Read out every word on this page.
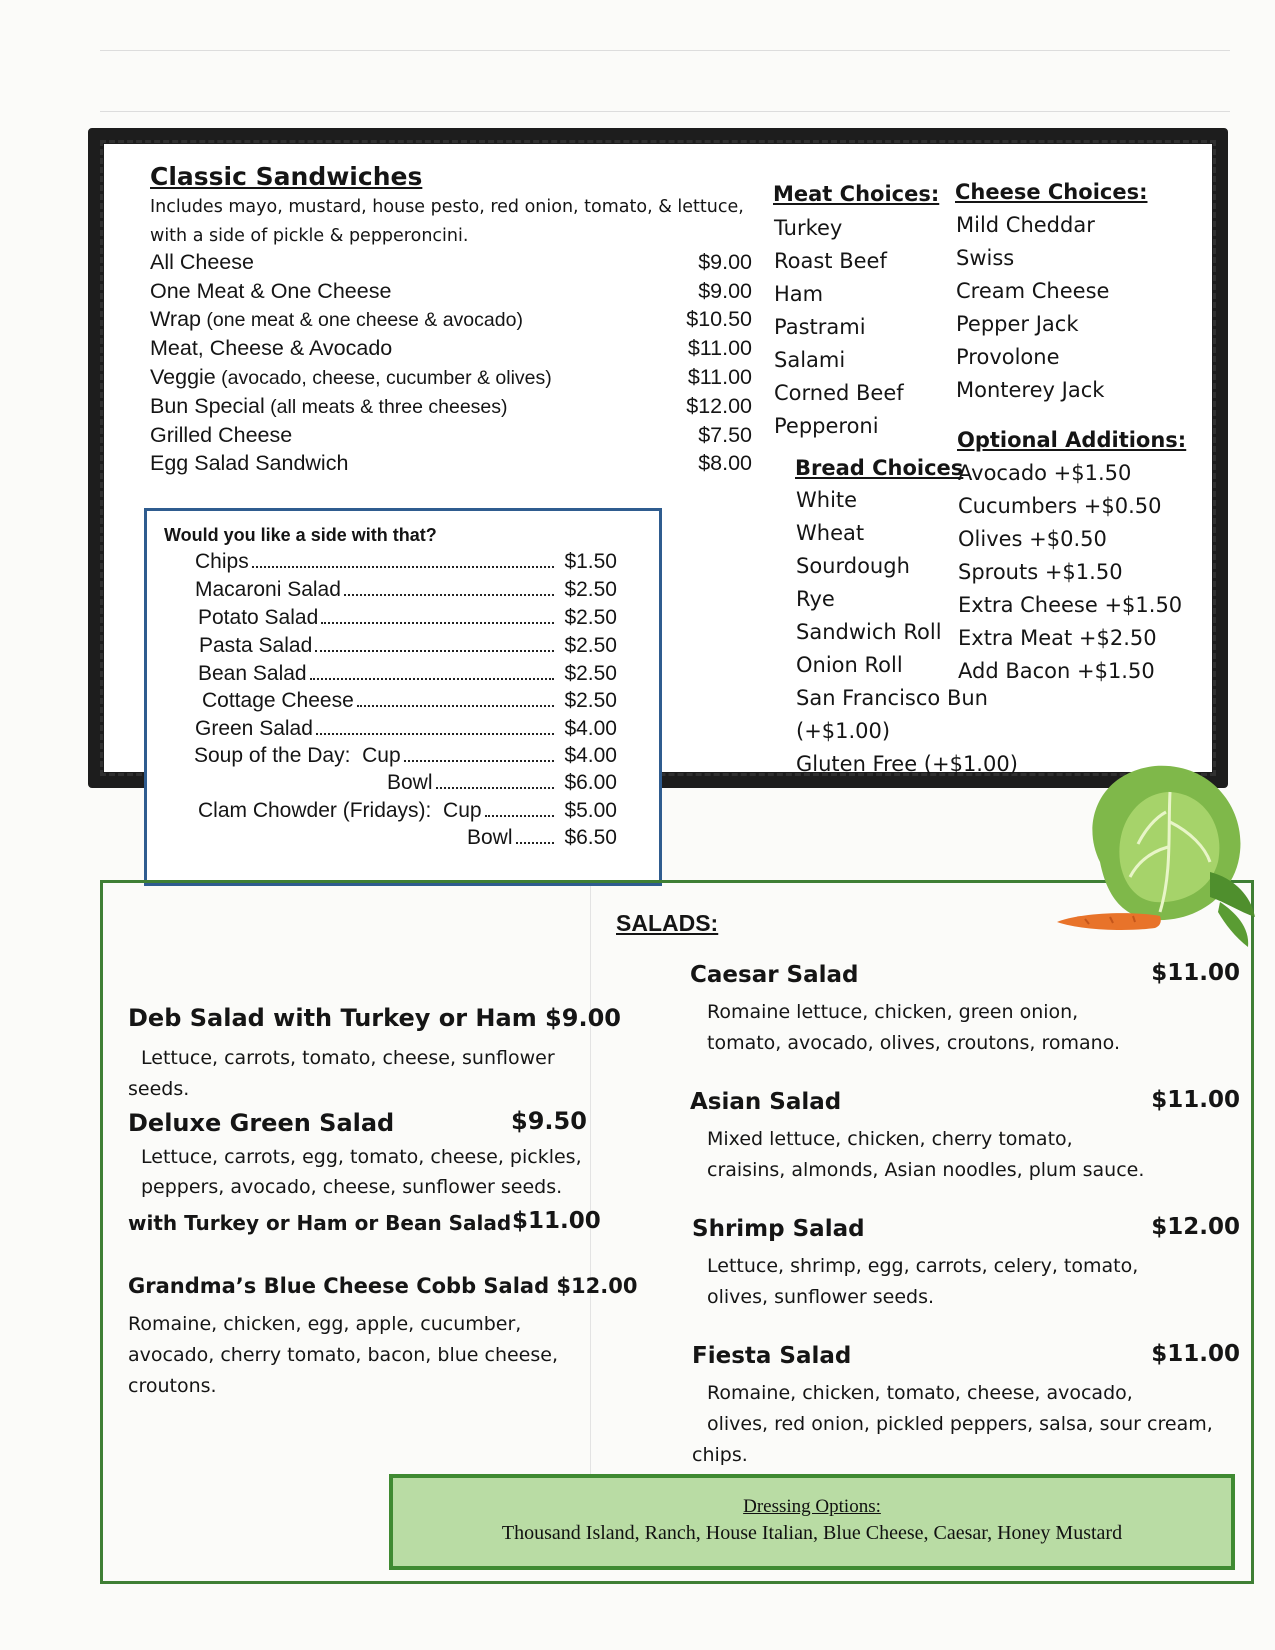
Classic Sandwiches
Includes mayo, mustard, house pesto, red onion, tomato, & lettuce,
with a side of pickle & pepperoncini.
All Cheese	$9.00
One Meat & One Cheese	$9.00
Wrap (one meat & one cheese & avocado)	$10.50
Meat, Cheese & Avocado	$11.00
Veggie (avocado, cheese, cucumber & olives)	$11.00
Bun Special (all meats & three cheeses)	$12.00
Grilled Cheese	$7.50
Egg Salad Sandwich	$8.00
Meat Choices:
Turkey
Roast Beef
Ham
Pastrami
Salami
Corned Beef
Pepperoni
Cheese Choices:
Mild Cheddar
Swiss
Cream Cheese
Pepper Jack
Provolone
Monterey Jack
Bread Choices
White
Wheat
Sourdough
Rye
Sandwich Roll
Onion Roll
San Francisco Bun
(+$1.00)
Gluten Free (+$1.00)
Optional Additions:
Avocado +$1.50
Cucumbers +$0.50
Olives +$0.50
Sprouts +$1.50
Extra Cheese +$1.50
Extra Meat +$2.50
Add Bacon +$1.50
Would you like a side with that?
Chips	$1.50
Macaroni Salad	$2.50
Potato Salad	$2.50
Pasta Salad	$2.50
Bean Salad	$2.50
Cottage Cheese	$2.50
Green Salad	$4.00
Soup of the Day:  Cup	$4.00
Bowl	$6.00
Clam Chowder (Fridays):  Cup	$5.00
Bowl	$6.50
SALADS:
Deb Salad with Turkey or Ham $9.00
Lettuce, carrots, tomato, cheese, sunflower
seeds.
Deluxe Green Salad	$9.50
Lettuce, carrots, egg, tomato, cheese, pickles,
peppers, avocado, cheese, sunflower seeds.
with Turkey or Ham or Bean Salad $11.00
Grandma’s Blue Cheese Cobb Salad $12.00
Romaine, chicken, egg, apple, cucumber,
avocado, cherry tomato, bacon, blue cheese,
croutons.
Caesar Salad	$11.00
Romaine lettuce, chicken, green onion,
tomato, avocado, olives, croutons, romano.
Asian Salad	$11.00
Mixed lettuce, chicken, cherry tomato,
craisins, almonds, Asian noodles, plum sauce.
Shrimp Salad	$12.00
Lettuce, shrimp, egg, carrots, celery, tomato,
olives, sunflower seeds.
Fiesta Salad	$11.00
Romaine, chicken, tomato, cheese, avocado,
olives, red onion, pickled peppers, salsa, sour cream,
chips.
Dressing Options:
Thousand Island, Ranch, House Italian, Blue Cheese, Caesar, Honey Mustard
